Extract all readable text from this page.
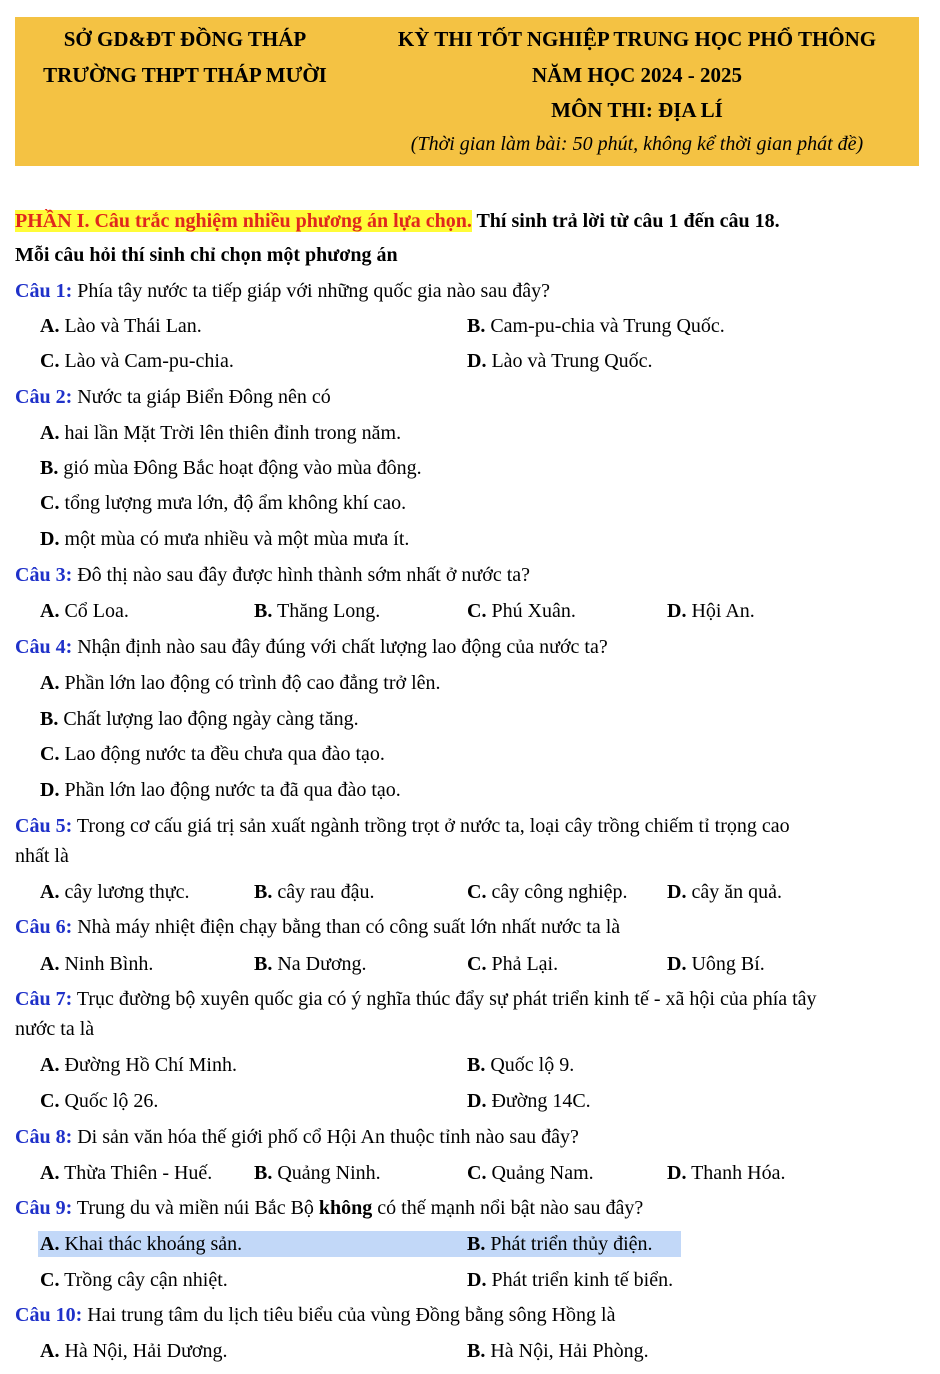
SỞ GD&ĐT ĐỒNG THÁP
TRƯỜNG THPT THÁP MƯỜI
KỲ THI TỐT NGHIỆP TRUNG HỌC PHỔ THÔNG
NĂM HỌC 2024 - 2025
MÔN THI: ĐỊA LÍ
(Thời gian làm bài: 50 phút, không kể thời gian phát đề)
PHẦN I. Câu trắc nghiệm nhiều phương án lựa chọn. Thí sinh trả lời từ câu 1 đến câu 18.
Mỗi câu hỏi thí sinh chỉ chọn một phương án
Câu 1: Phía tây nước ta tiếp giáp với những quốc gia nào sau đây?
A. Lào và Thái Lan.	B. Cam-pu-chia và Trung Quốc.
C. Lào và Cam-pu-chia.	D. Lào và Trung Quốc.
Câu 2: Nước ta giáp Biển Đông nên có
A. hai lần Mặt Trời lên thiên đỉnh trong năm.
B. gió mùa Đông Bắc hoạt động vào mùa đông.
C. tổng lượng mưa lớn, độ ẩm không khí cao.
D. một mùa có mưa nhiều và một mùa mưa ít.
Câu 3: Đô thị nào sau đây được hình thành sớm nhất ở nước ta?
A. Cổ Loa.	B. Thăng Long.	C. Phú Xuân.	D. Hội An.
Câu 4: Nhận định nào sau đây đúng với chất lượng lao động của nước ta?
A. Phần lớn lao động có trình độ cao đẳng trở lên.
B. Chất lượng lao động ngày càng tăng.
C. Lao động nước ta đều chưa qua đào tạo.
D. Phần lớn lao động nước ta đã qua đào tạo.
Câu 5: Trong cơ cấu giá trị sản xuất ngành trồng trọt ở nước ta, loại cây trồng chiếm tỉ trọng cao
nhất là
A. cây lương thực.	B. cây rau đậu.	C. cây công nghiệp. D. cây ăn quả.
Câu 6: Nhà máy nhiệt điện chạy bằng than có công suất lớn nhất nước ta là
A. Ninh Bình.	B. Na Dương.	C. Phả Lại.	D. Uông Bí.
Câu 7: Trục đường bộ xuyên quốc gia có ý nghĩa thúc đẩy sự phát triển kinh tế - xã hội của phía tây
nước ta là
A. Đường Hồ Chí Minh.	B. Quốc lộ 9.
C. Quốc lộ 26.	D. Đường 14C.
Câu 8: Di sản văn hóa thế giới phố cổ Hội An thuộc tỉnh nào sau đây?
A. Thừa Thiên - Huế. B. Quảng Ninh.	C. Quảng Nam.	D. Thanh Hóa.
Câu 9: Trung du và miền núi Bắc Bộ không có thế mạnh nổi bật nào sau đây?
A. Khai thác khoáng sản.	B. Phát triển thủy điện.
C. Trồng cây cận nhiệt.	D. Phát triển kinh tế biển.
Câu 10: Hai trung tâm du lịch tiêu biểu của vùng Đồng bằng sông Hồng là
A. Hà Nội, Hải Dương.	B. Hà Nội, Hải Phòng.
